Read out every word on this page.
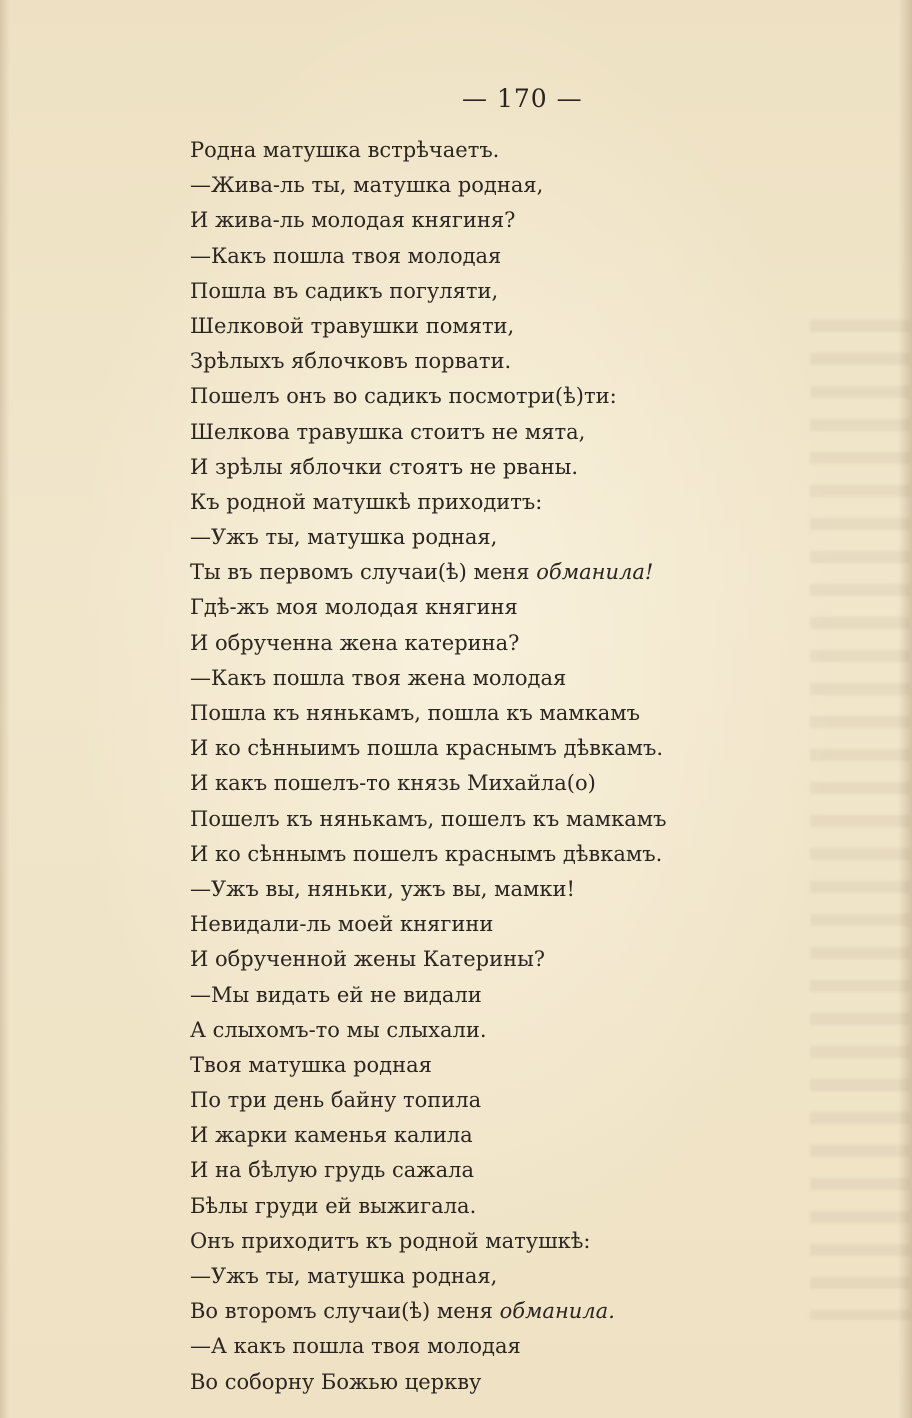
— 170 —
Родна матушка встрѣчаетъ.
—Жива-ль ты, матушка родная,
И жива-ль молодая княгиня?
—Какъ пошла твоя молодая
Пошла въ садикъ погуляти,
Шелковой травушки помяти,
Зрѣлыхъ яблочковъ порвати.
Пошелъ онъ во садикъ посмотри(ѣ)ти:
Шелкова травушка стоитъ не мята,
И зрѣлы яблочки стоятъ не рваны.
Къ родной матушкѣ приходитъ:
—Ужъ ты, матушка родная,
Ты въ первомъ случаи(ѣ) меня обманила!
Гдѣ-жъ моя молодая княгиня
И обрученна жена катерина?
—Какъ пошла твоя жена молодая
Пошла къ нянькамъ, пошла къ мамкамъ
И ко сѣнныимъ пошла краснымъ дѣвкамъ.
И какъ пошелъ-то князь Михайла(о)
Пошелъ къ нянькамъ, пошелъ къ мамкамъ
И ко сѣннымъ пошелъ краснымъ дѣвкамъ.
—Ужъ вы, няньки, ужъ вы, мамки!
Невидали-ль моей княгини
И обрученной жены Катерины?
—Мы видать ей не видали
А слыхомъ-то мы слыхали.
Твоя матушка родная
По три день байну топила
И жарки каменья калила
И на бѣлую грудь сажала
Бѣлы груди ей выжигала.
Онъ приходитъ къ родной матушкѣ:
—Ужъ ты, матушка родная,
Во второмъ случаи(ѣ) меня обманила.
—А какъ пошла твоя молодая
Во соборну Божью церкву
